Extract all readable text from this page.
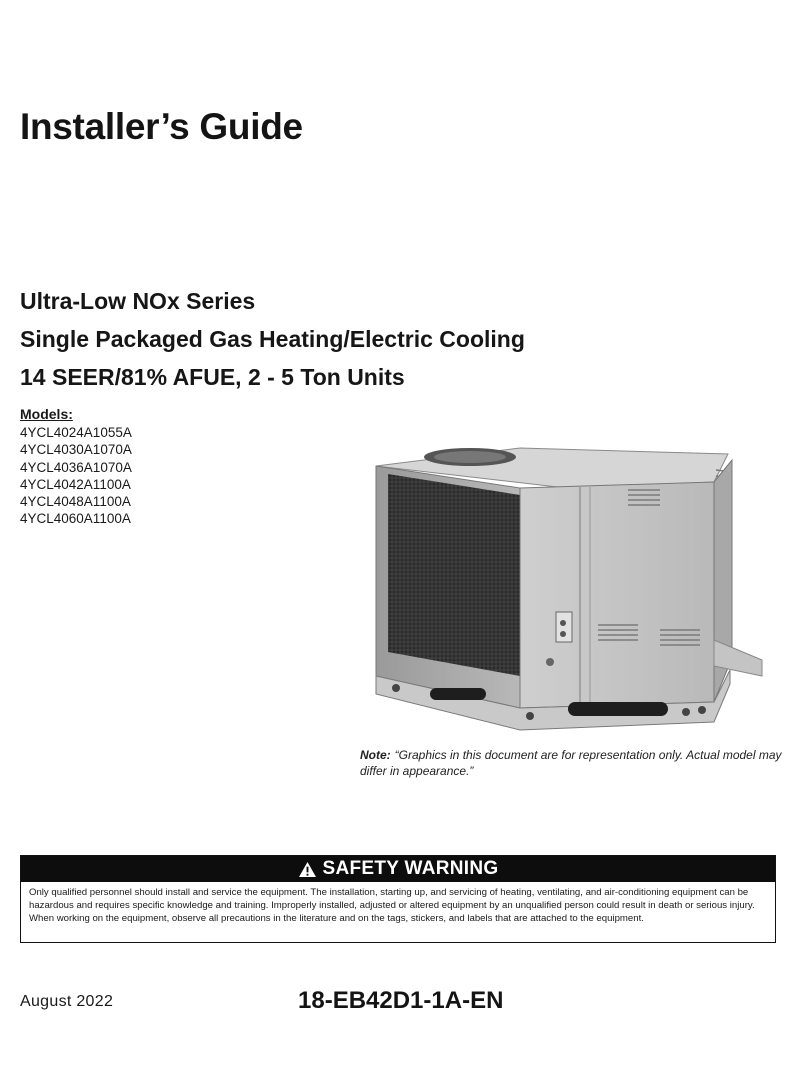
Installer’s Guide
Ultra-Low NOx Series
Single Packaged Gas Heating/Electric Cooling
14 SEER/81% AFUE, 2 - 5 Ton Units
Models:
4YCL4024A1055A
4YCL4030A1070A
4YCL4036A1070A
4YCL4042A1100A
4YCL4048A1100A
4YCL4060A1100A
Note: “Graphics in this document are for representation only. Actual model may differ in appearance.”
SAFETY WARNING
Only qualified personnel should install and service the equipment. The installation, starting up, and servicing of heating, ventilating, and air-conditioning equipment can be hazardous and requires specific knowledge and training. Improperly installed, adjusted or altered equipment by an unqualified person could result in death or serious injury. When working on the equipment, observe all precautions in the literature and on the tags, stickers, and labels that are attached to the equipment.
August 2022	18-EB42D1-1A-EN
